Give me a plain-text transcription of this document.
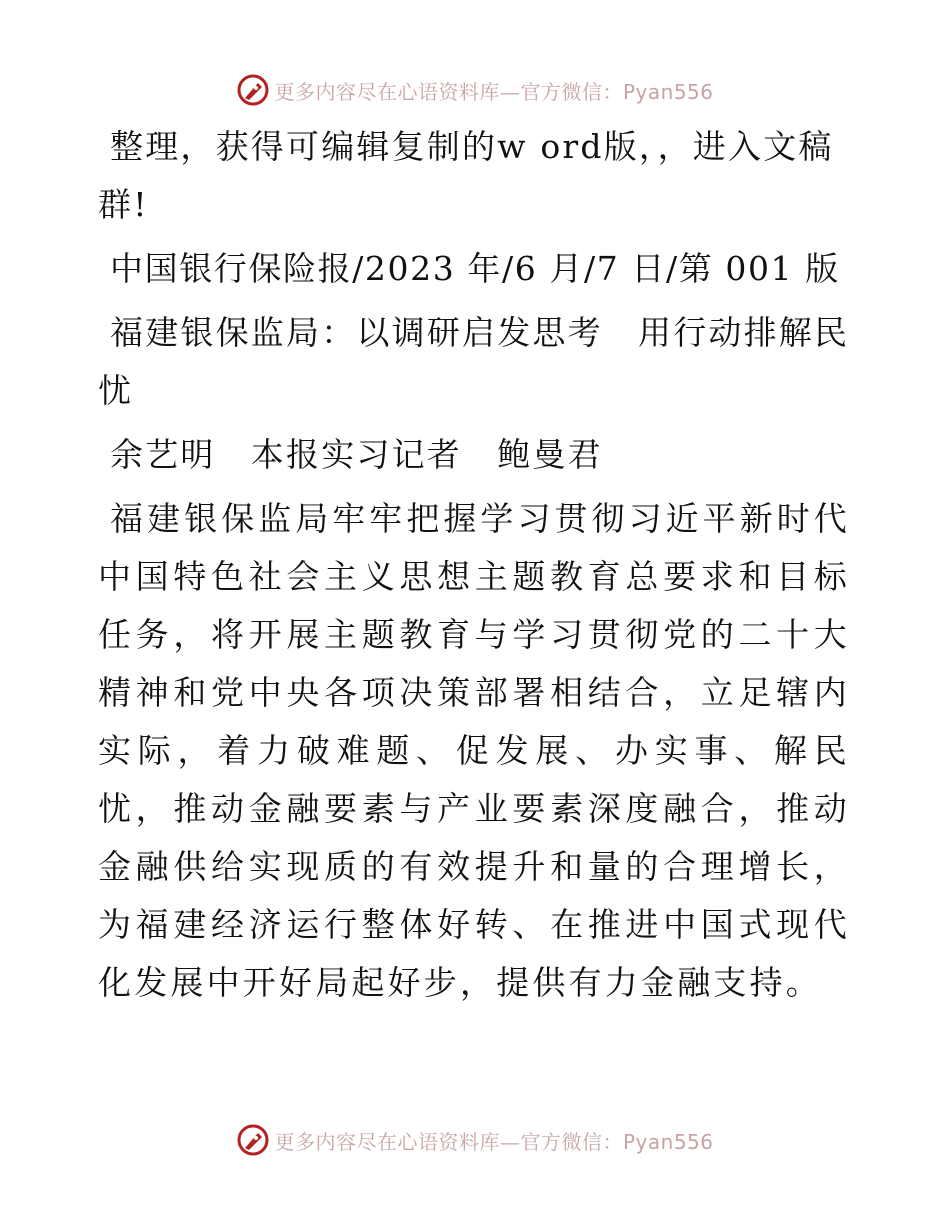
更多内容尽在心语资料库—官方微信：Pyan556

整理，获得可编辑复制的w ord版，，进入文稿群!

中国银行保险报/2023 年/6 月/7 日/第 001 版

福建银保监局：以调研启发思考　用行动排解民忧

余艺明　本报实习记者　鲍曼君

福建银保监局牢牢把握学习贯彻习近平新时代中国特色社会主义思想主题教育总要求和目标任务，将开展主题教育与学习贯彻党的二十大精神和党中央各项决策部署相结合，立足辖内实际，着力破难题、促发展、办实事、解民忧，推动金融要素与产业要素深度融合，推动金融供给实现质的有效提升和量的合理增长，为福建经济运行整体好转、在推进中国式现代化发展中开好局起好步，提供有力金融支持。

更多内容尽在心语资料库—官方微信：Pyan556
